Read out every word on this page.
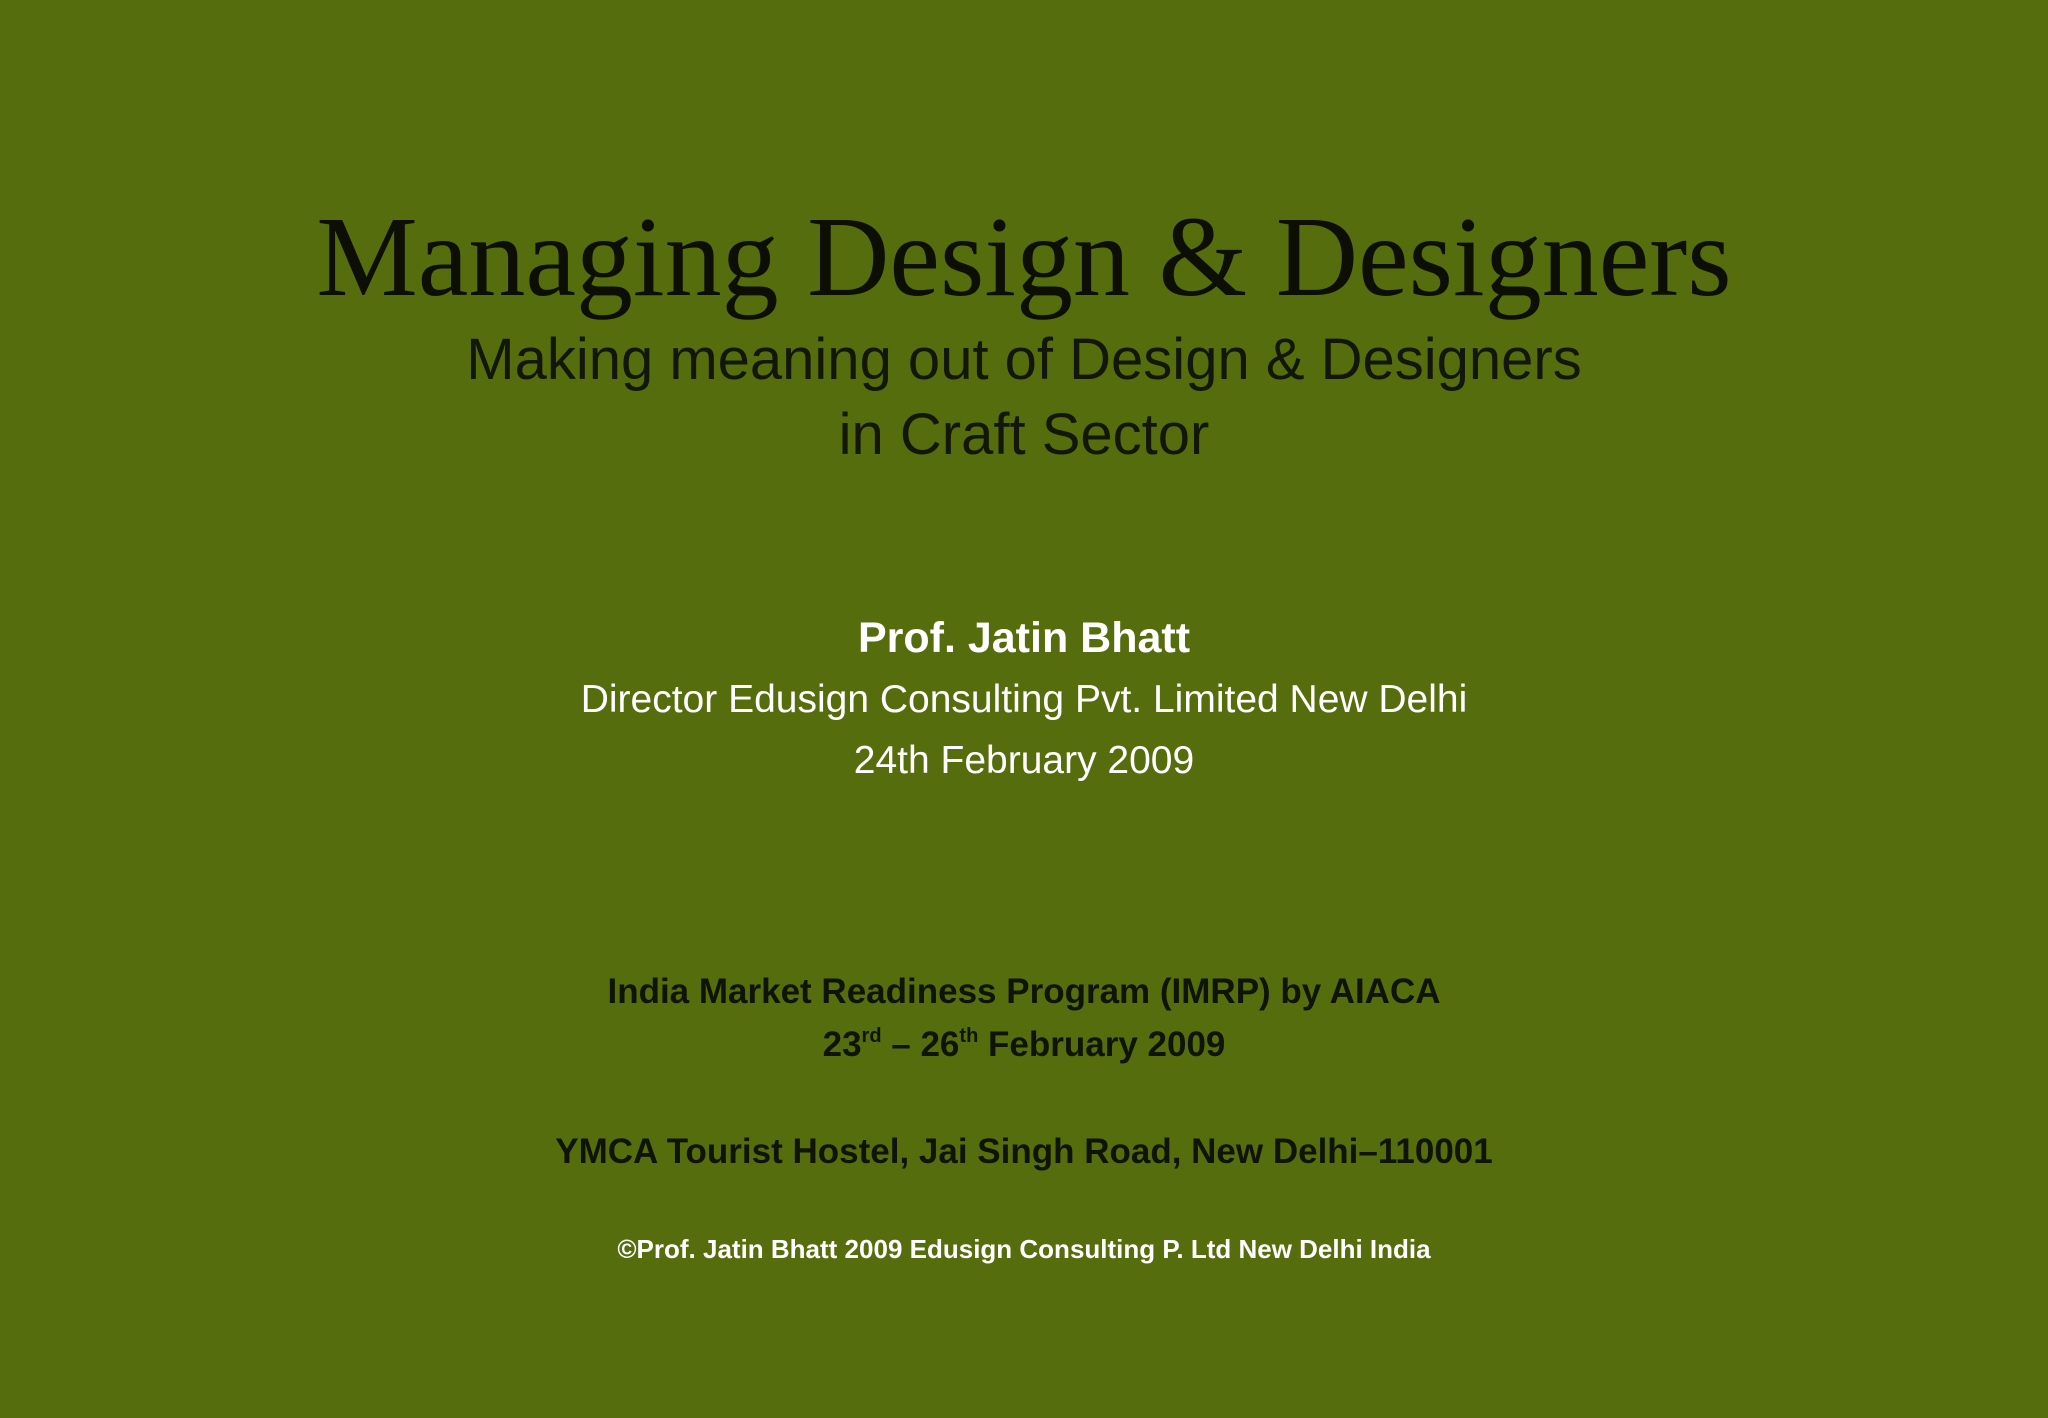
Managing Design & Designers
Making meaning out of Design & Designers
in Craft Sector
Prof. Jatin Bhatt
Director Edusign Consulting Pvt. Limited New Delhi
24th February 2009
India Market Readiness Program (IMRP) by AIACA
23rd – 26th February 2009
YMCA Tourist Hostel, Jai Singh Road, New Delhi–110001
©Prof. Jatin Bhatt 2009 Edusign Consulting P. Ltd New Delhi India
